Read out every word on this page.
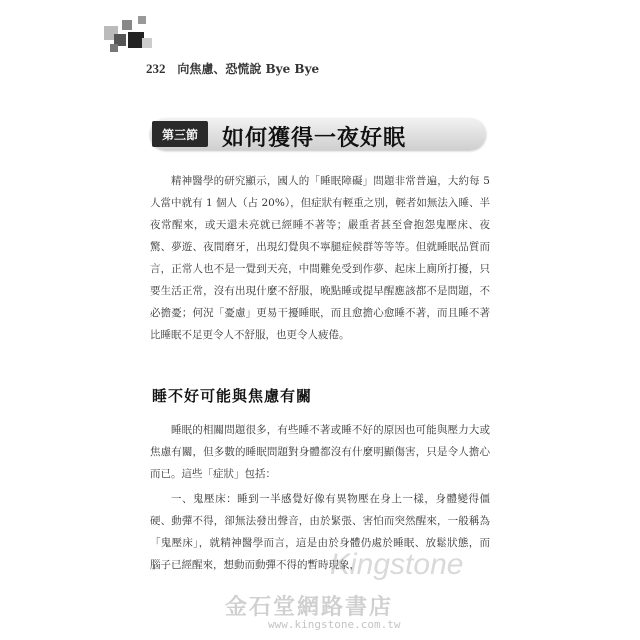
232 向焦慮、恐慌說 Bye Bye
第三節	如何獲得一夜好眠

精神醫學的研究顯示，國人的「睡眠障礙」問題非常普遍，大約每 5 人當中就有 1 個人（占 20%），但症狀有輕重之別，輕者如無法入睡、半夜常醒來，或天還未亮就已經睡不著等；嚴重者甚至會抱怨鬼壓床、夜驚、夢遊、夜間磨牙，出現幻覺與不寧腿症候群等等等。但就睡眠品質而言，正常人也不是一覺到天亮，中間難免受到作夢、起床上廁所打擾，只要生活正常，沒有出現什麼不舒服，晚點睡或提早醒應該都不是問題，不必擔憂；何況「憂慮」更易干擾睡眠，而且愈擔心愈睡不著，而且睡不著比睡眠不足更令人不舒服，也更令人疲倦。

睡不好可能與焦慮有關

睡眠的相關問題很多，有些睡不著或睡不好的原因也可能與壓力大或焦慮有關，但多數的睡眠問題對身體都沒有什麼明顯傷害，只是令人擔心而已。這些「症狀」包括：

一、鬼壓床：睡到一半感覺好像有異物壓在身上一樣，身體變得僵硬、動彈不得，卻無法發出聲音，由於緊張、害怕而突然醒來，一般稱為「鬼壓床」，就精神醫學而言，這是由於身體仍處於睡眠、放鬆狀態，而腦子已經醒來，想動而動彈不得的暫時現象，

Kingstone
金石堂網路書店
www.kingstone.com.tw
